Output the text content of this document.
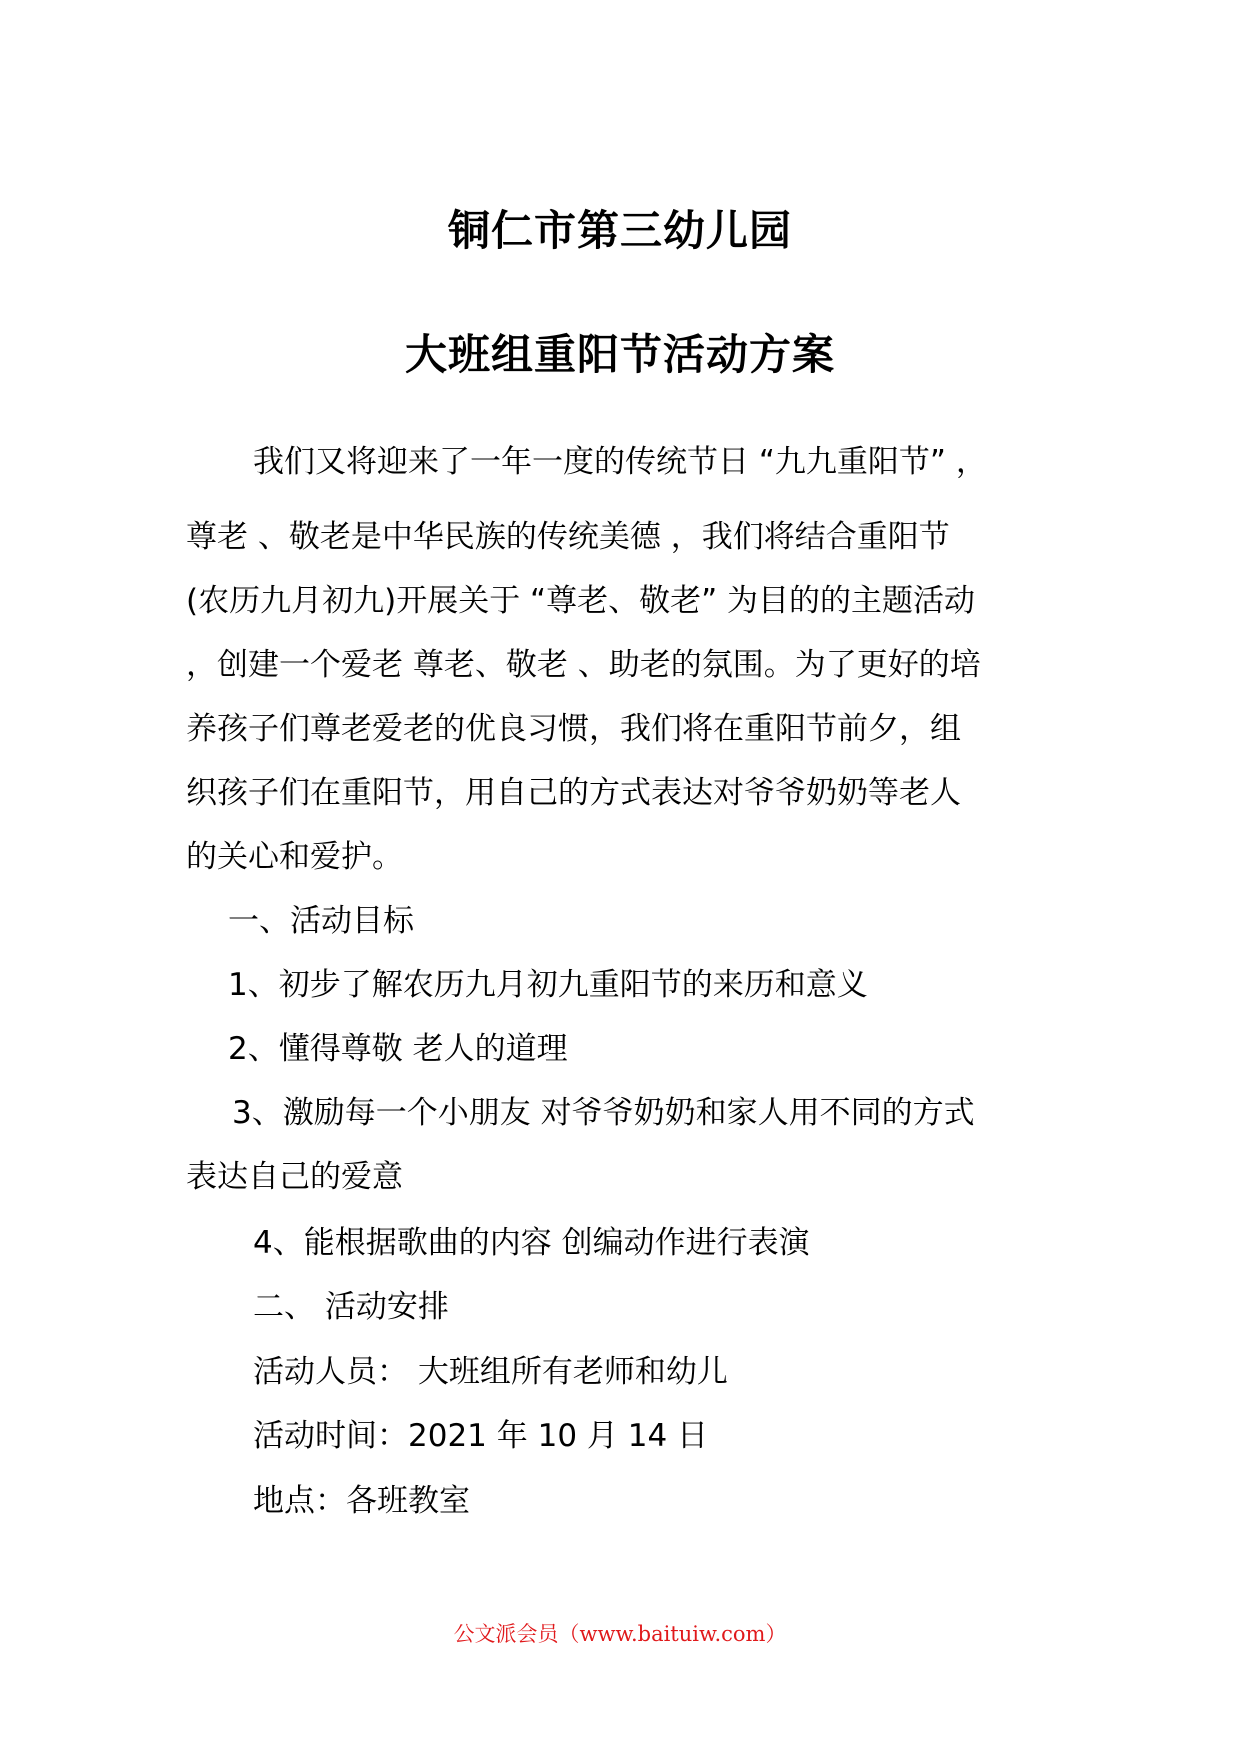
铜仁市第三幼儿园
大班组重阳节活动方案
我们又将迎来了一年一度的传统节日 “九九重阳节” ，
尊老 、敬老是中华民族的传统美德 ，我们将结合重阳节
(农历九月初九)开展关于 “尊老、敬老” 为目的的主题活动
，创建一个爱老 尊老、敬老 、助老的氛围。为了更好的培
养孩子们尊老爱老的优良习惯，我们将在重阳节前夕，组
织孩子们在重阳节，用自己的方式表达对爷爷奶奶等老人
的关心和爱护。
一、活动目标
1、初步了解农历九月初九重阳节的来历和意义
2、懂得尊敬 老人的道理
3、激励每一个小朋友 对爷爷奶奶和家人用不同的方式
表达自己的爱意
4、能根据歌曲的内容 创编动作进行表演
二、 活动安排
活动人员： 大班组所有老师和幼儿
活动时间：2021 年 10 月 14 日
地点：各班教室
公文派会员（www.baituiw.com）
